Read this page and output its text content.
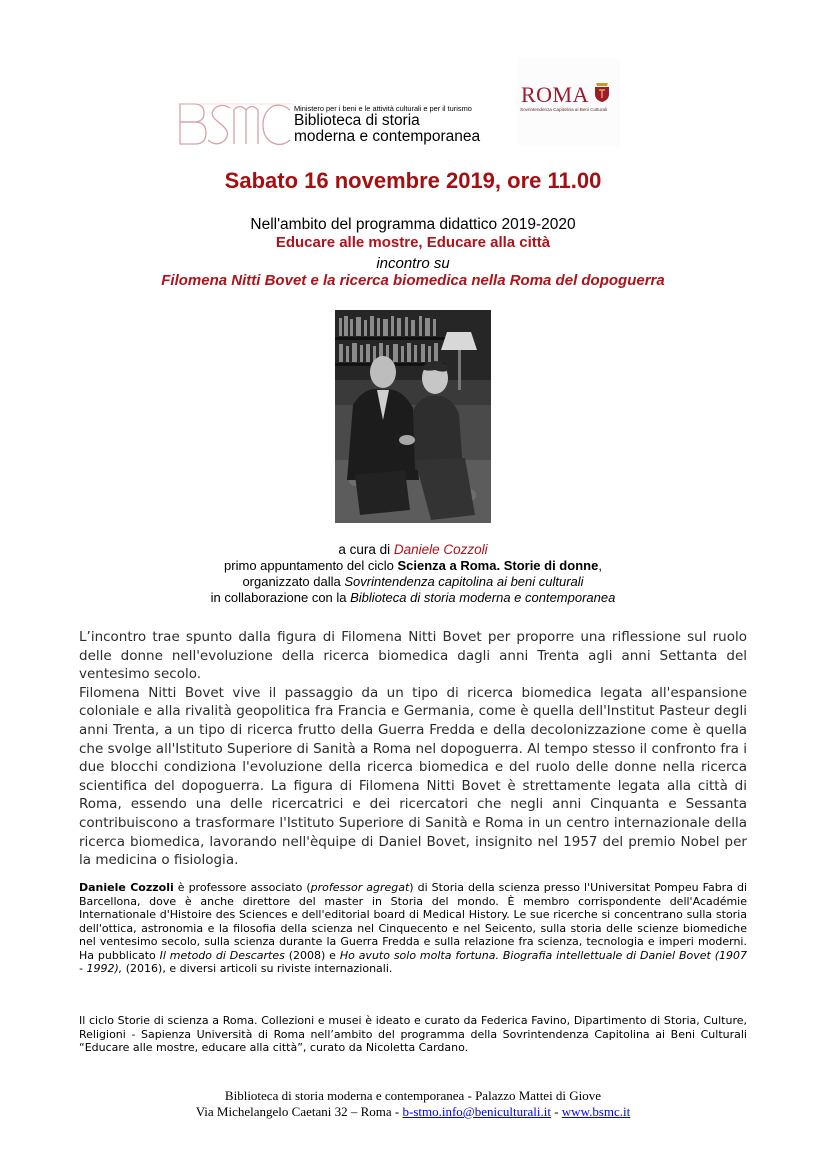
Ministero per i beni e le attività culturali e per il turismo
Biblioteca di storia
moderna e contemporanea
ROMA
Sovrintendenza Capitolina ai Beni Culturali
Sabato 16 novembre 2019, ore 11.00
Nell'ambito del programma didattico 2019-2020
Educare alle mostre, Educare alla città
incontro su
Filomena Nitti Bovet e la ricerca biomedica nella Roma del dopoguerra
a cura di Daniele Cozzoli
primo appuntamento del ciclo Scienza a Roma. Storie di donne,
organizzato dalla Sovrintendenza capitolina ai beni culturali
in collaborazione con la Biblioteca di storia moderna e contemporanea

L’incontro trae spunto dalla figura di Filomena Nitti Bovet per proporre una riflessione sul ruolo delle donne nell'evoluzione della ricerca biomedica dagli anni Trenta agli anni Settanta del ventesimo secolo.

Filomena Nitti Bovet vive il passaggio da un tipo di ricerca biomedica legata all'espansione coloniale e alla rivalità geopolitica fra Francia e Germania, come è quella dell'Institut Pasteur degli anni Trenta, a un tipo di ricerca frutto della Guerra Fredda e della decolonizzazione come è quella che svolge all'Istituto Superiore di Sanità a Roma nel dopoguerra. Al tempo stesso il confronto fra i due blocchi condiziona l'evoluzione della ricerca biomedica e del ruolo delle donne nella ricerca scientifica del dopoguerra. La figura di Filomena Nitti Bovet è strettamente legata alla città di Roma, essendo una delle ricercatrici e dei ricercatori che negli anni Cinquanta e Sessanta contribuiscono a trasformare l'Istituto Superiore di Sanità e Roma in un centro internazionale della ricerca biomedica, lavorando nell'èquipe di Daniel Bovet, insignito nel 1957 del premio Nobel per la medicina o fisiologia.

Daniele Cozzoli è professore associato (professor agregat) di Storia della scienza presso l'Universitat Pompeu Fabra di Barcellona, dove è anche direttore del master in Storia del mondo. È membro corrispondente dell'Académie Internationale d'Histoire des Sciences e dell'editorial board di Medical History. Le sue ricerche si concentrano sulla storia dell'ottica, astronomia e la filosofia della scienza nel Cinquecento e nel Seicento, sulla storia delle scienze biomediche nel ventesimo secolo, sulla scienza durante la Guerra Fredda e sulla relazione fra scienza, tecnologia e imperi moderni. Ha pubblicato Il metodo di Descartes (2008) e Ho avuto solo molta fortuna. Biografia intellettuale di Daniel Bovet (1907 - 1992), (2016), e diversi articoli su riviste internazionali.

Il ciclo Storie di scienza a Roma. Collezioni e musei è ideato e curato da Federica Favino, Dipartimento di Storia, Culture, Religioni - Sapienza Università di Roma nell’ambito del programma della Sovrintendenza Capitolina ai Beni Culturali “Educare alle mostre, educare alla città”, curato da Nicoletta Cardano.
Biblioteca di storia moderna e contemporanea - Palazzo Mattei di Giove
Via Michelangelo Caetani 32 – Roma - b-stmo.info@beniculturali.it - www.bsmc.it
